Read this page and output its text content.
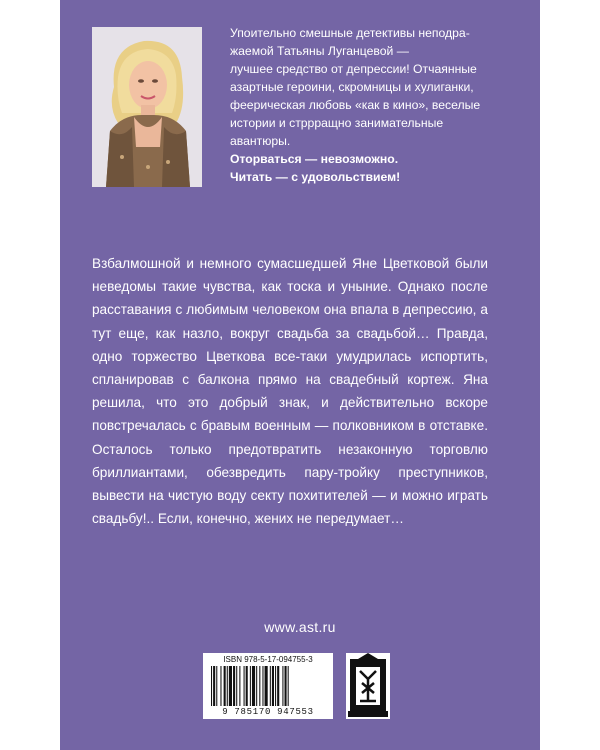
Упоительно смешные детективы неподра-

жаемой Татьяны Луганцевой —

лучшее средство от депрессии! Отчаянные

азартные героини, скромницы и хулиганки,

феерическая любовь «как в кино», веселые

истории и стррращно занимательные

авантюры.

Оторваться — невозможно.

Читать — с удовольствием!

Взбалмошной и немного сумасшедшей Яне Цветковой были неведомы такие чувства, как тоска и уныние. Однако после расставания с любимым человеком она впала в депрессию, а тут еще, как назло, вокруг свадьба за свадьбой… Правда, одно торжество Цветкова все-таки умудрилась испортить, спланировав с балкона прямо на свадебный кортеж. Яна решила, что это добрый знак, и действительно вскоре повстречалась с бравым военным — полковником в отставке. Осталось только предотвратить незаконную торговлю бриллиантами, обезвредить пару-тройку преступников, вывести на чистую воду секту похитителей — и можно играть свадьбу!.. Если, конечно, жених не передумает…
www.ast.ru
ISBN 978-5-17-094755-3
9 785170 947553
